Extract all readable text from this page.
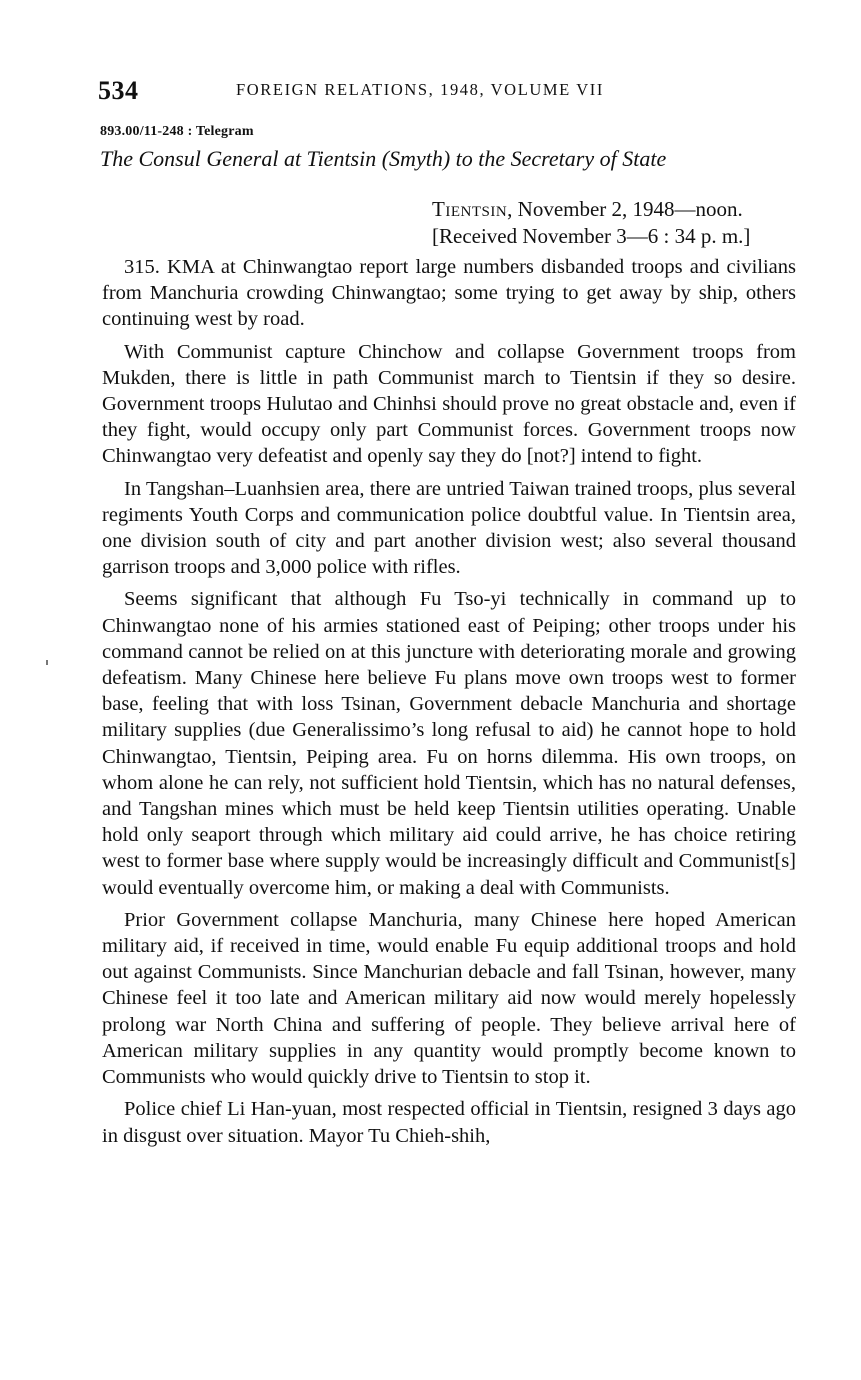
534	FOREIGN RELATIONS, 1948, VOLUME VII
893.00/11-248 : Telegram
The Consul General at Tientsin (Smyth) to the Secretary of State
Tientsin, November 2, 1948—noon.
[Received November 3—6 : 34 p. m.]

315. KMA at Chinwangtao report large numbers disbanded troops and civilians from Manchuria crowding Chinwangtao; some trying to get away by ship, others continuing west by road.

With Communist capture Chinchow and collapse Government troops from Mukden, there is little in path Communist march to Tientsin if they so desire. Government troops Hulutao and Chinhsi should prove no great obstacle and, even if they fight, would occupy only part Communist forces. Government troops now Chinwangtao very defeatist and openly say they do [not?] intend to fight.

In Tangshan–Luanhsien area, there are untried Taiwan trained troops, plus several regiments Youth Corps and communication police doubtful value. In Tientsin area, one division south of city and part another division west; also several thousand garrison troops and 3,000 police with rifles.

Seems significant that although Fu Tso-yi technically in command up to Chinwangtao none of his armies stationed east of Peiping; other troops under his command cannot be relied on at this juncture with deteriorating morale and growing defeatism. Many Chinese here believe Fu plans move own troops west to former base, feeling that with loss Tsinan, Government debacle Manchuria and shortage military supplies (due Generalissimo’s long refusal to aid) he cannot hope to hold Chinwangtao, Tientsin, Peiping area. Fu on horns dilemma. His own troops, on whom alone he can rely, not sufficient hold Tientsin, which has no natural defenses, and Tangshan mines which must be held keep Tientsin utilities operating. Unable hold only seaport through which military aid could arrive, he has choice retiring west to former base where supply would be increasingly difficult and Communist[s] would eventually overcome him, or making a deal with Communists.

Prior Government collapse Manchuria, many Chinese here hoped American military aid, if received in time, would enable Fu equip additional troops and hold out against Communists. Since Manchurian debacle and fall Tsinan, however, many Chinese feel it too late and American military aid now would merely hopelessly prolong war North China and suffering of people. They believe arrival here of American military supplies in any quantity would promptly become known to Communists who would quickly drive to Tientsin to stop it.

Police chief Li Han-yuan, most respected official in Tientsin, resigned 3 days ago in disgust over situation. Mayor Tu Chieh-shih,
